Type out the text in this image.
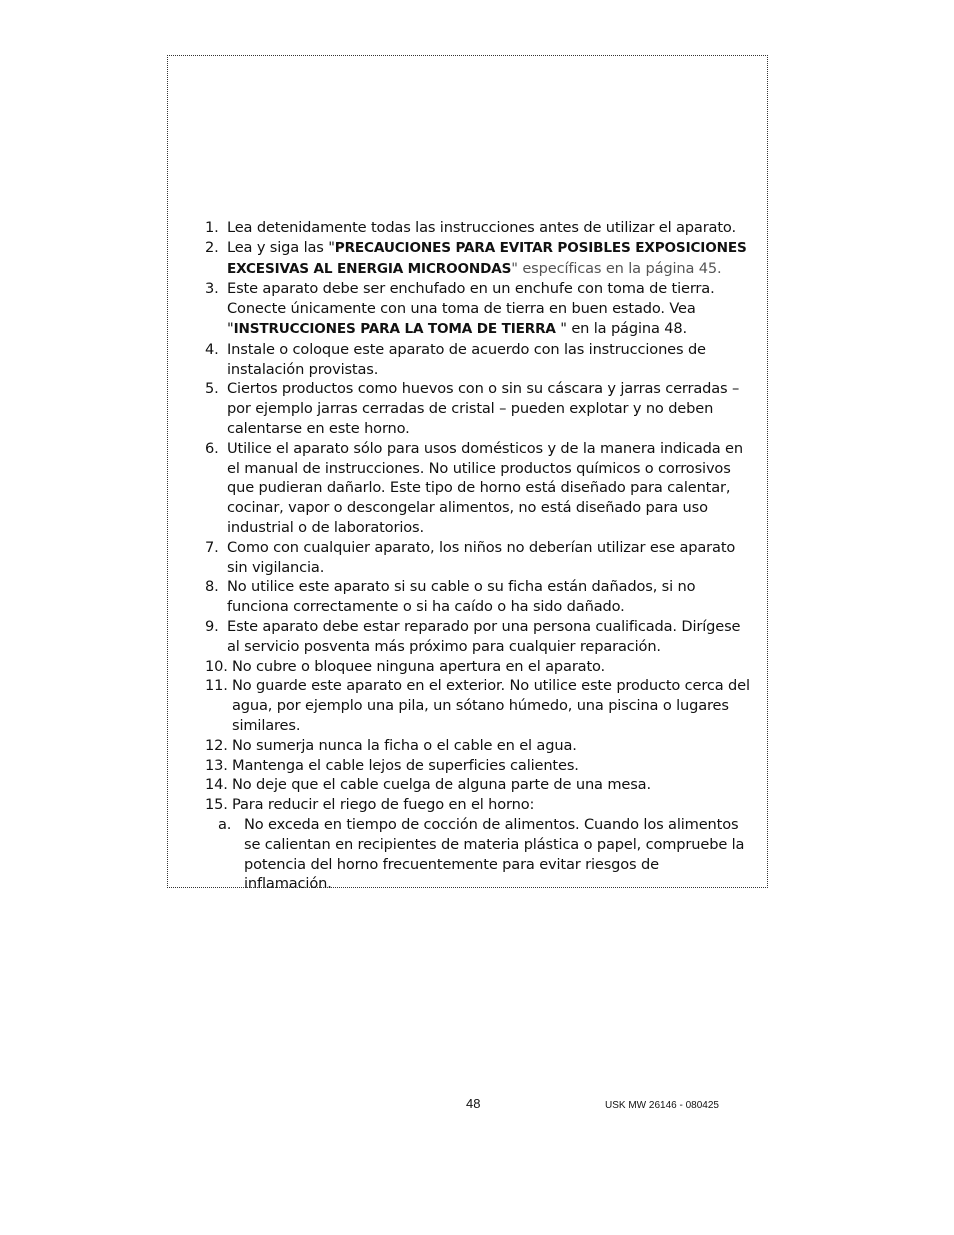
1. Lea detenidamente todas las instrucciones antes de utilizar el aparato.
2. Lea y siga las "PRECAUCIONES PARA EVITAR POSIBLES EXPOSICIONES EXCESIVAS AL ENERGIA MICROONDAS" específicas en la página 45.
3. Este aparato debe ser enchufado en un enchufe con toma de tierra. Conecte únicamente con una toma de tierra en buen estado. Vea "INSTRUCCIONES PARA LA TOMA DE TIERRA " en la página 48.
4. Instale o coloque este aparato de acuerdo con las instrucciones de instalación provistas.
5. Ciertos productos como huevos con o sin su cáscara y jarras cerradas – por ejemplo jarras cerradas de cristal – pueden explotar y no deben calentarse en este horno.
6. Utilice el aparato sólo para usos domésticos y de la manera indicada en el manual de instrucciones. No utilice productos químicos o corrosivos que pudieran dañarlo. Este tipo de horno está diseñado para calentar, cocinar, vapor o descongelar alimentos, no está diseñado para uso industrial o de laboratorios.
7. Como con cualquier aparato, los niños no deberían utilizar ese aparato sin vigilancia.
8. No utilice este aparato si su cable o su ficha están dañados, si no funciona correctamente o si ha caído o ha sido dañado.
9. Este aparato debe estar reparado por una persona cualificada. Dirígese al servicio posventa más próximo para cualquier reparación.
10. No cubre o bloquee ninguna apertura en el aparato.
11. No guarde este aparato en el exterior. No utilice este producto cerca del agua, por ejemplo una pila, un sótano húmedo, una piscina o lugares similares.
12. No sumerja nunca la ficha o el cable en el agua.
13. Mantenga el cable lejos de superficies calientes.
14. No deje que el cable cuelga de alguna parte de una mesa.
15. Para reducir el riego de fuego en el horno:
a. No exceda en tiempo de cocción de alimentos. Cuando los alimentos se calientan en recipientes de materia plástica o papel, compruebe la potencia del horno frecuentemente para evitar riesgos de inflamación.
48	USK MW 26146 - 080425
